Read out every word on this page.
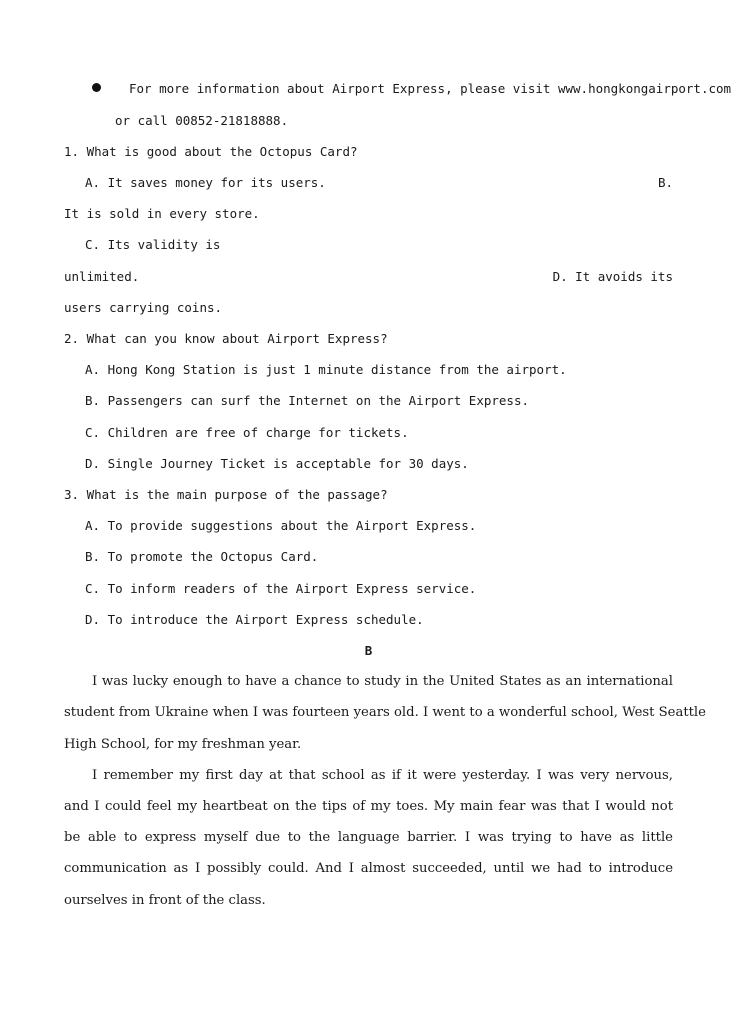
For more information about Airport Express, please visit www.hongkongairport.com
or call 00852-21818888.
1. What is good about the Octopus Card?
A. It saves money for its users.	B.
It is sold in every store.
C. Its validity is
unlimited.	D. It avoids its
users carrying coins.
2. What can you know about Airport Express?
A. Hong Kong Station is just 1 minute distance from the airport.
B. Passengers can surf the Internet on the Airport Express.
C. Children are free of charge for tickets.
D. Single Journey Ticket is acceptable for 30 days.
3. What is the main purpose of the passage?
A. To provide suggestions about the Airport Express.
B. To promote the Octopus Card.
C. To inform readers of the Airport Express service.
D. To introduce the Airport Express schedule.
B
I was lucky enough to have a chance to study in the United States as an international
student from Ukraine when I was fourteen years old. I went to a wonderful school, West Seattle
High School, for my freshman year.
I remember my first day at that school as if it were yesterday. I was very nervous,
and I could feel my heartbeat on the tips of my toes. My main fear was that I would not
be able to express myself due to the language barrier. I was trying to have as little
communication as I possibly could. And I almost succeeded, until we had to introduce
ourselves in front of the class.
